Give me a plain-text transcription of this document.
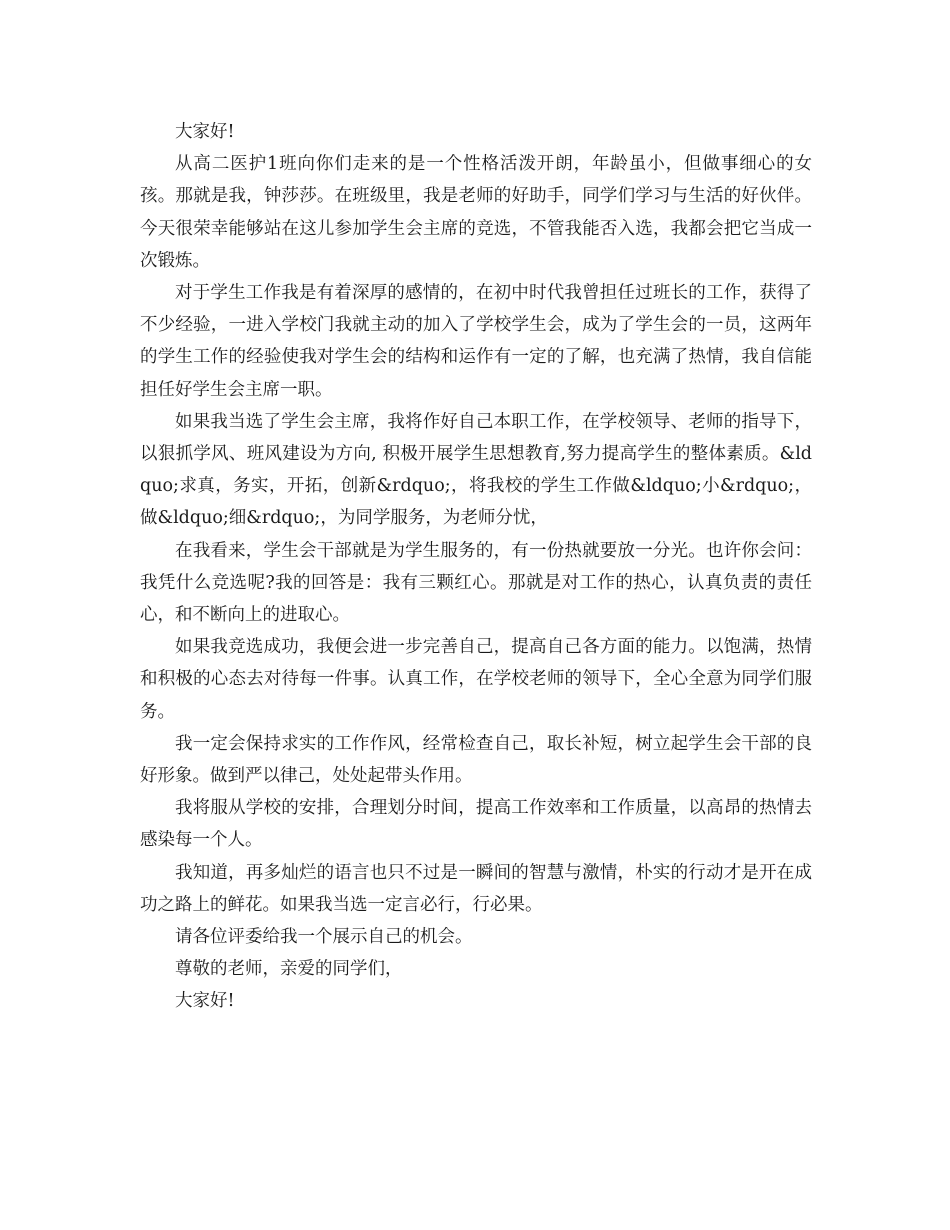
大家好!

从高二医护1班向你们走来的是一个性格活泼开朗，年龄虽小，但做事细心的女孩。那就是我，钟莎莎。在班级里，我是老师的好助手，同学们学习与生活的好伙伴。今天很荣幸能够站在这儿参加学生会主席的竞选，不管我能否入选，我都会把它当成一次锻炼。

对于学生工作我是有着深厚的感情的，在初中时代我曾担任过班长的工作，获得了不少经验，一进入学校门我就主动的加入了学校学生会，成为了学生会的一员，这两年的学生工作的经验使我对学生会的结构和运作有一定的了解，也充满了热情，我自信能担任好学生会主席一职。

如果我当选了学生会主席，我将作好自己本职工作，在学校领导、老师的指导下，以狠抓学风、班风建设为方向, 积极开展学生思想教育,努力提高学生的整体素质。&ldquo;求真，务实，开拓，创新&rdquo;，将我校的学生工作做&ldquo;小&rdquo;，做&ldquo;细&rdquo;，为同学服务，为老师分忧，

在我看来，学生会干部就是为学生服务的，有一份热就要放一分光。也许你会问：我凭什么竞选呢?我的回答是：我有三颗红心。那就是对工作的热心，认真负责的责任心，和不断向上的进取心。

如果我竞选成功，我便会进一步完善自己，提高自己各方面的能力。以饱满，热情和积极的心态去对待每一件事。认真工作，在学校老师的领导下，全心全意为同学们服务。

我一定会保持求实的工作作风，经常检查自己，取长补短，树立起学生会干部的良好形象。做到严以律己，处处起带头作用。

我将服从学校的安排，合理划分时间，提高工作效率和工作质量，以高昂的热情去感染每一个人。

我知道，再多灿烂的语言也只不过是一瞬间的智慧与激情，朴实的行动才是开在成功之路上的鲜花。如果我当选一定言必行，行必果。

请各位评委给我一个展示自己的机会。

尊敬的老师，亲爱的同学们，

大家好!
